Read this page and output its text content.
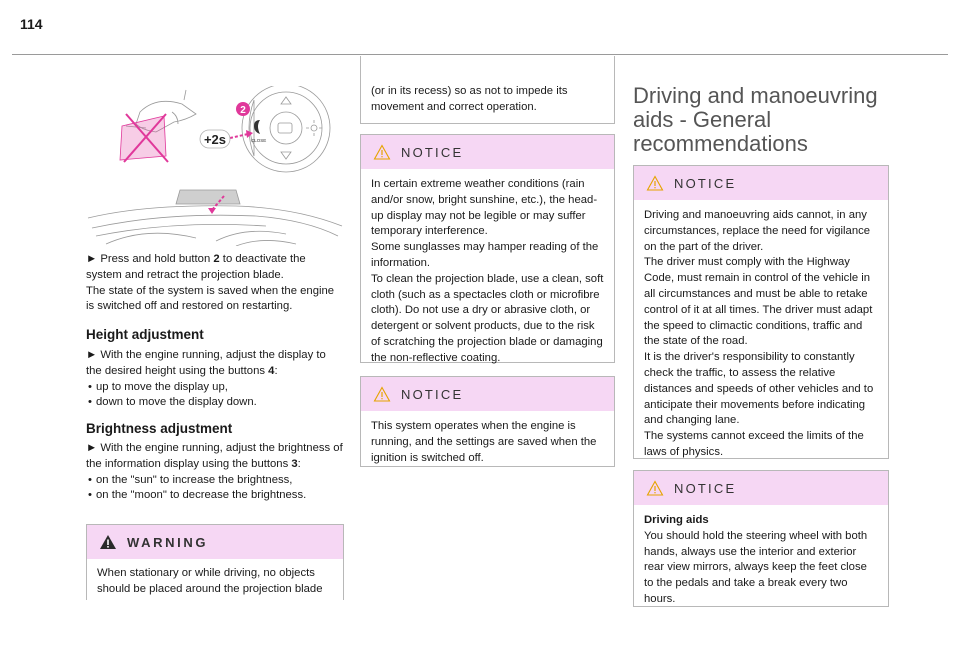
114
CLOSE
+2s
2

► Press and hold button 2 to deactivate the system and retract the projection blade.
The state of the system is saved when the engine is switched off and restored on restarting.

Height adjustment

► With the engine running, adjust the display to the desired height using the buttons 4:

• up to move the display up,
• down to move the display down.
Brightness adjustment

► With the engine running, adjust the brightness of the information display using the buttons 3:

• on the "sun" to increase the brightness,
• on the "moon" to decrease the brightness.
WARNING
When stationary or while driving, no objects should be placed around the projection blade
(or in its recess) so as not to impede its movement and correct operation.
NOTICE
In certain extreme weather conditions (rain and/or snow, bright sunshine, etc.), the head-up display may not be legible or may suffer temporary interference.
Some sunglasses may hamper reading of the information.
To clean the projection blade, use a clean, soft cloth (such as a spectacles cloth or microfibre cloth). Do not use a dry or abrasive cloth, or detergent or solvent products, due to the risk of scratching the projection blade or damaging the non-reflective coating.
NOTICE
This system operates when the engine is running, and the settings are saved when the ignition is switched off.
Driving and manoeuvring aids - General recommendations
NOTICE
Driving and manoeuvring aids cannot, in any circumstances, replace the need for vigilance on the part of the driver.
The driver must comply with the Highway Code, must remain in control of the vehicle in all circumstances and must be able to retake control of it at all times. The driver must adapt the speed to climactic conditions, traffic and the state of the road.
It is the driver's responsibility to constantly check the traffic, to assess the relative distances and speeds of other vehicles and to anticipate their movements before indicating and changing lane.
The systems cannot exceed the limits of the laws of physics.
NOTICE
Driving aids
You should hold the steering wheel with both hands, always use the interior and exterior rear view mirrors, always keep the feet close to the pedals and take a break every two hours.
